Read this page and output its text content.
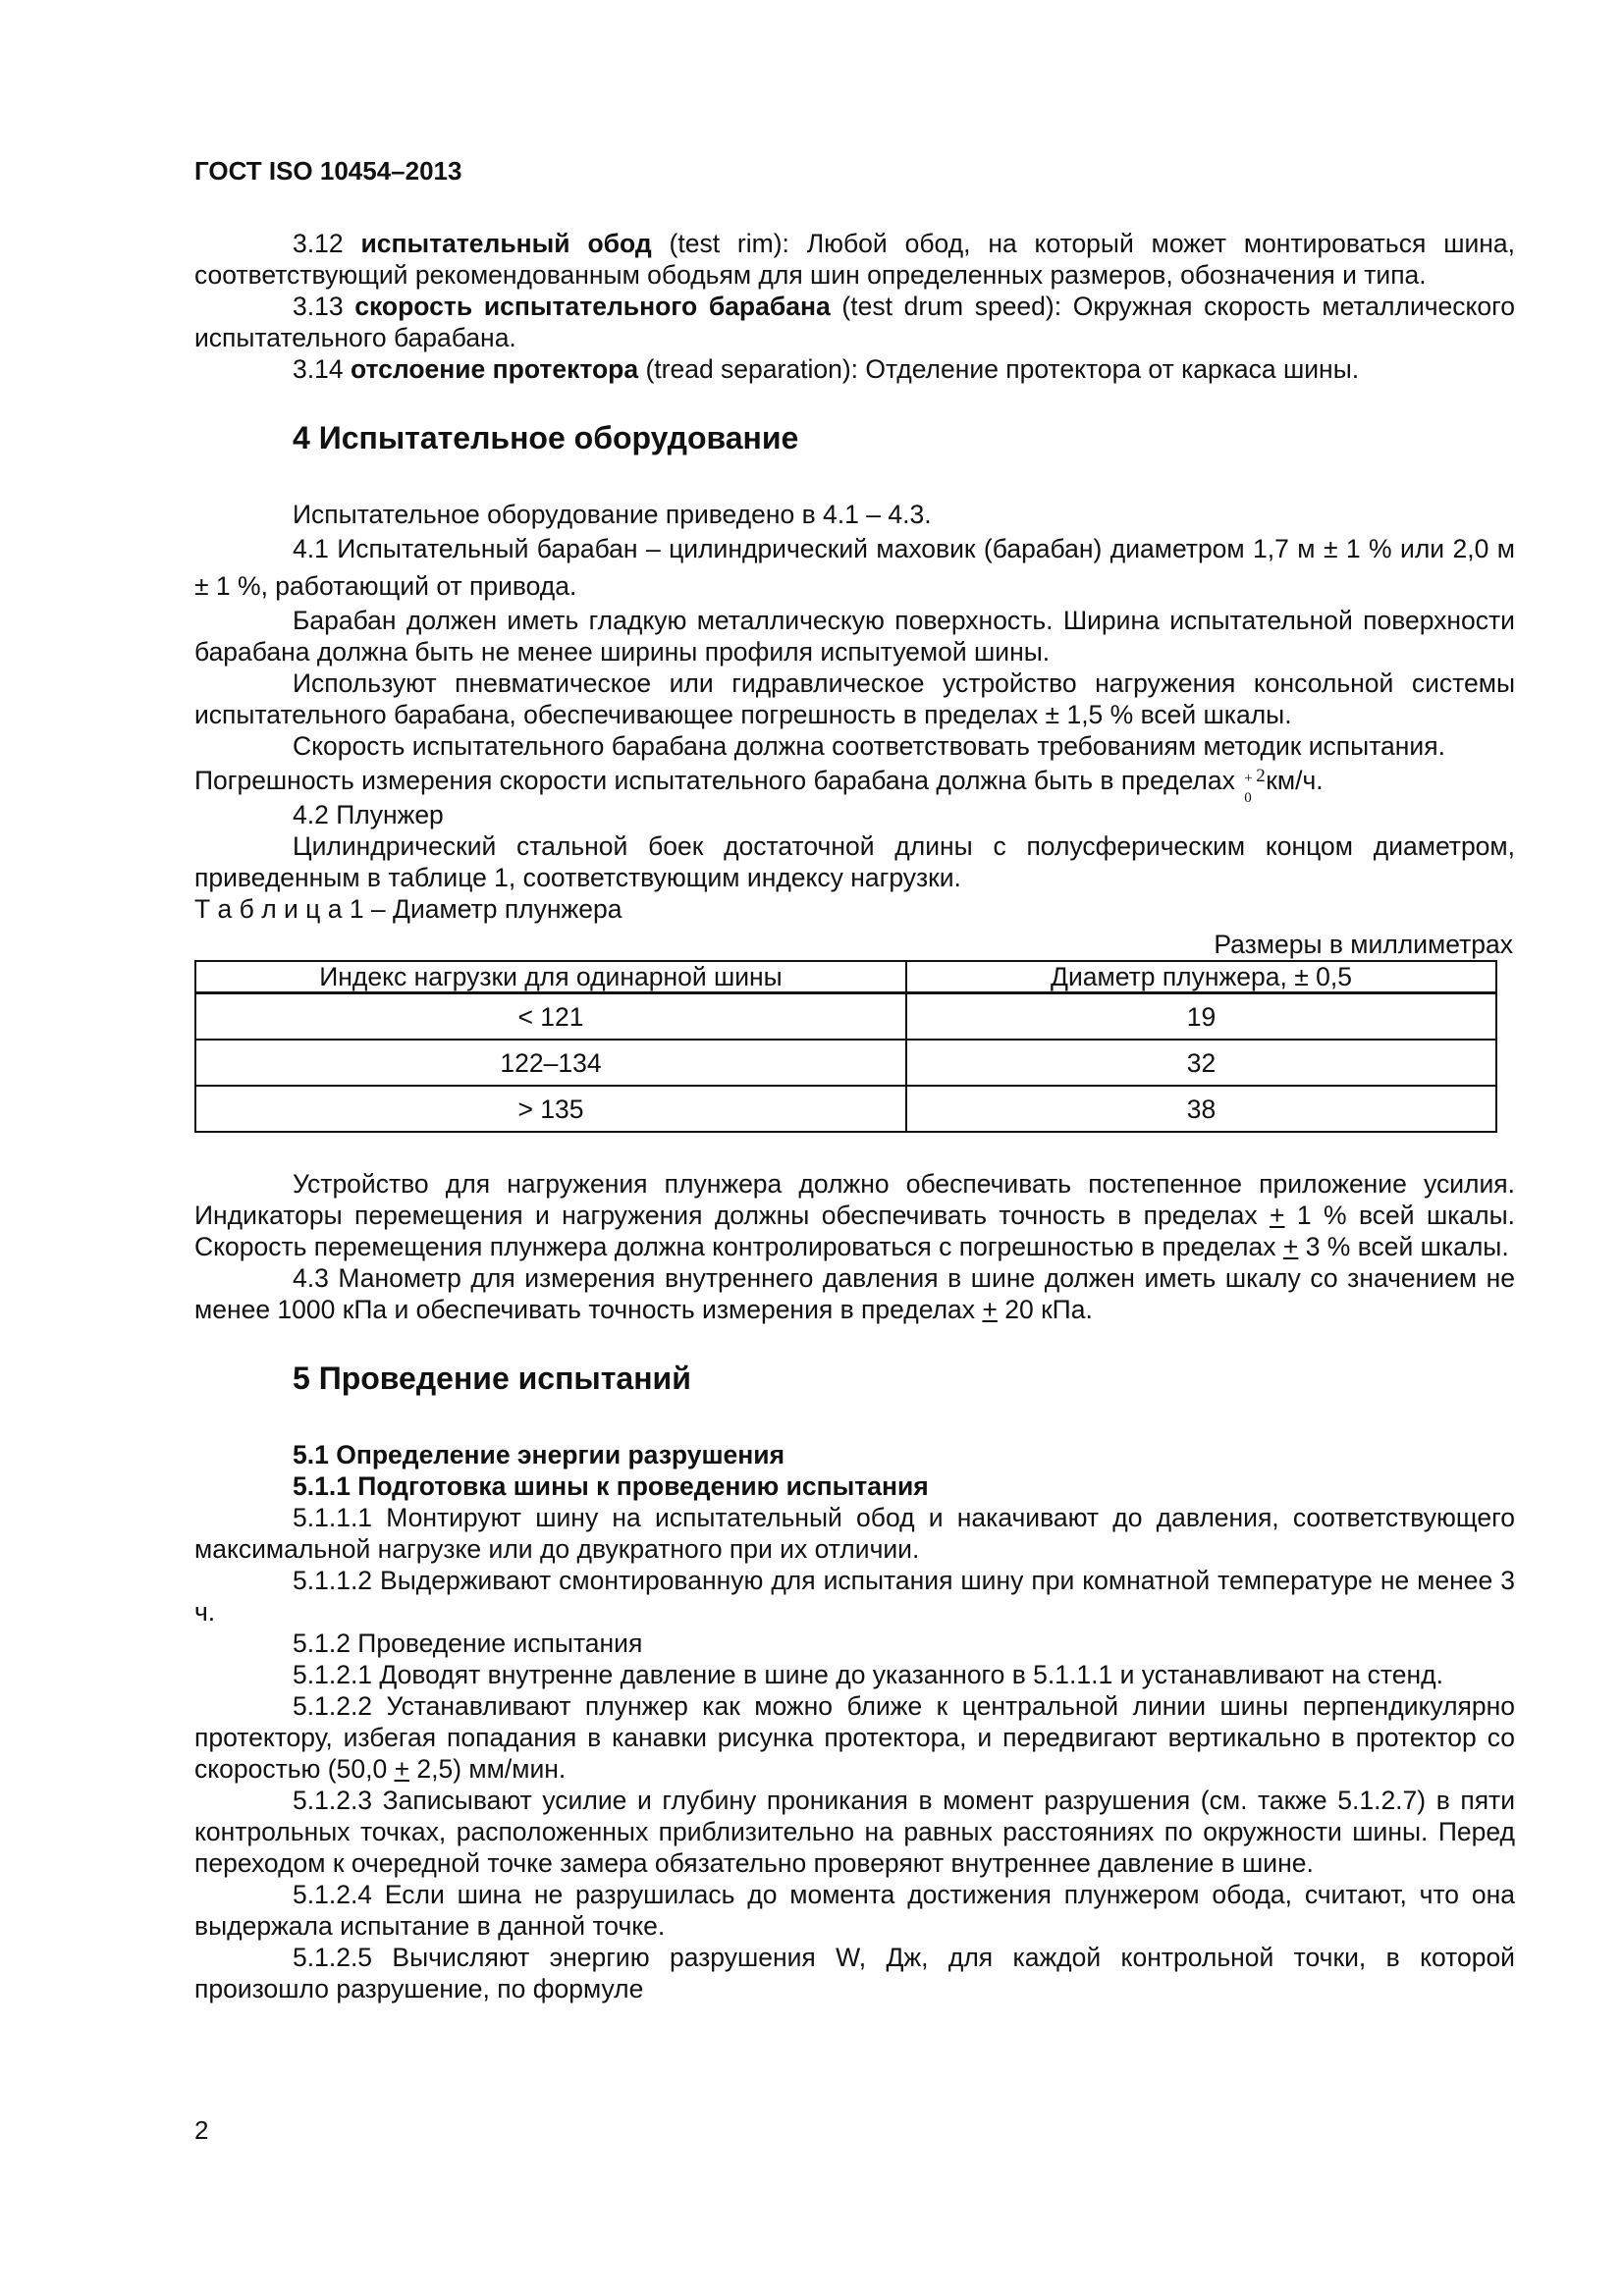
ГОСТ ISO 10454–2013

3.12 испытательный обод (test rim): Любой обод, на который может монтироваться шина, соответствующий рекомендованным ободьям для шин определенных размеров, обозначения и типа.

3.13 скорость испытательного барабана (test drum speed): Окружная скорость металлического испытательного барабана.

3.14 отслоение протектора (tread separation): Отделение протектора от каркаса шины.

4 Испытательное оборудование

Испытательное оборудование приведено в 4.1 – 4.3.

4.1 Испытательный барабан – цилиндрический маховик (барабан) диаметром 1,7 м ± 1 % или 2,0 м ± 1 %, работающий от привода.

Барабан должен иметь гладкую металлическую поверхность. Ширина испытательной поверхности барабана должна быть не менее ширины профиля испытуемой шины.

Используют пневматическое или гидравлическое устройство нагружения консольной системы испытательного барабана, обеспечивающее погрешность в пределах ± 1,5 % всей шкалы.

Скорость испытательного барабана должна соответствовать требованиям методик испытания.

Погрешность измерения скорости испытательного барабана должна быть в пределах + 2
0
км/ч.

4.2 Плунжер

Цилиндрический стальной боек достаточной длины с полусферическим концом диаметром, приведенным в таблице 1, соответствующим индексу нагрузки.

Т а б л и ц а 1 – Диаметр плунжера

Размеры в миллиметрах
Индекс нагрузки для одинарной шины	Диаметр плунжера, ± 0,5
< 121	19
122–134	32
> 135	38

Устройство для нагружения плунжера должно обеспечивать постепенное приложение усилия. Индикаторы перемещения и нагружения должны обеспечивать точность в пределах + 1 % всей шкалы. Скорость перемещения плунжера должна контролироваться с погрешностью в пределах + 3 % всей шкалы.

4.3 Манометр для измерения внутреннего давления в шине должен иметь шкалу со значением не менее 1000 кПа и обеспечивать точность измерения в пределах + 20 кПа.

5 Проведение испытаний
5.1 Определение энергии разрушения
5.1.1 Подготовка шины к проведению испытания

5.1.1.1 Монтируют шину на испытательный обод и накачивают до давления, соответствующего максимальной нагрузке или до двукратного при их отличии.

5.1.1.2 Выдерживают смонтированную для испытания шину при комнатной температуре не менее 3 ч.

5.1.2 Проведение испытания

5.1.2.1 Доводят внутренне давление в шине до указанного в 5.1.1.1 и устанавливают на стенд.

5.1.2.2 Устанавливают плунжер как можно ближе к центральной линии шины перпендикулярно протектору, избегая попадания в канавки рисунка протектора, и передвигают вертикально в протектор со скоростью (50,0 + 2,5) мм/мин.

5.1.2.3 Записывают усилие и глубину проникания в момент разрушения (см. также 5.1.2.7) в пяти контрольных точках, расположенных приблизительно на равных расстояниях по окружности шины. Перед переходом к очередной точке замера обязательно проверяют внутреннее давление в шине.

5.1.2.4 Если шина не разрушилась до момента достижения плунжером обода, считают, что она выдержала испытание в данной точке.

5.1.2.5 Вычисляют энергию разрушения W, Дж, для каждой контрольной точки, в которой произошло разрушение, по формуле

2
